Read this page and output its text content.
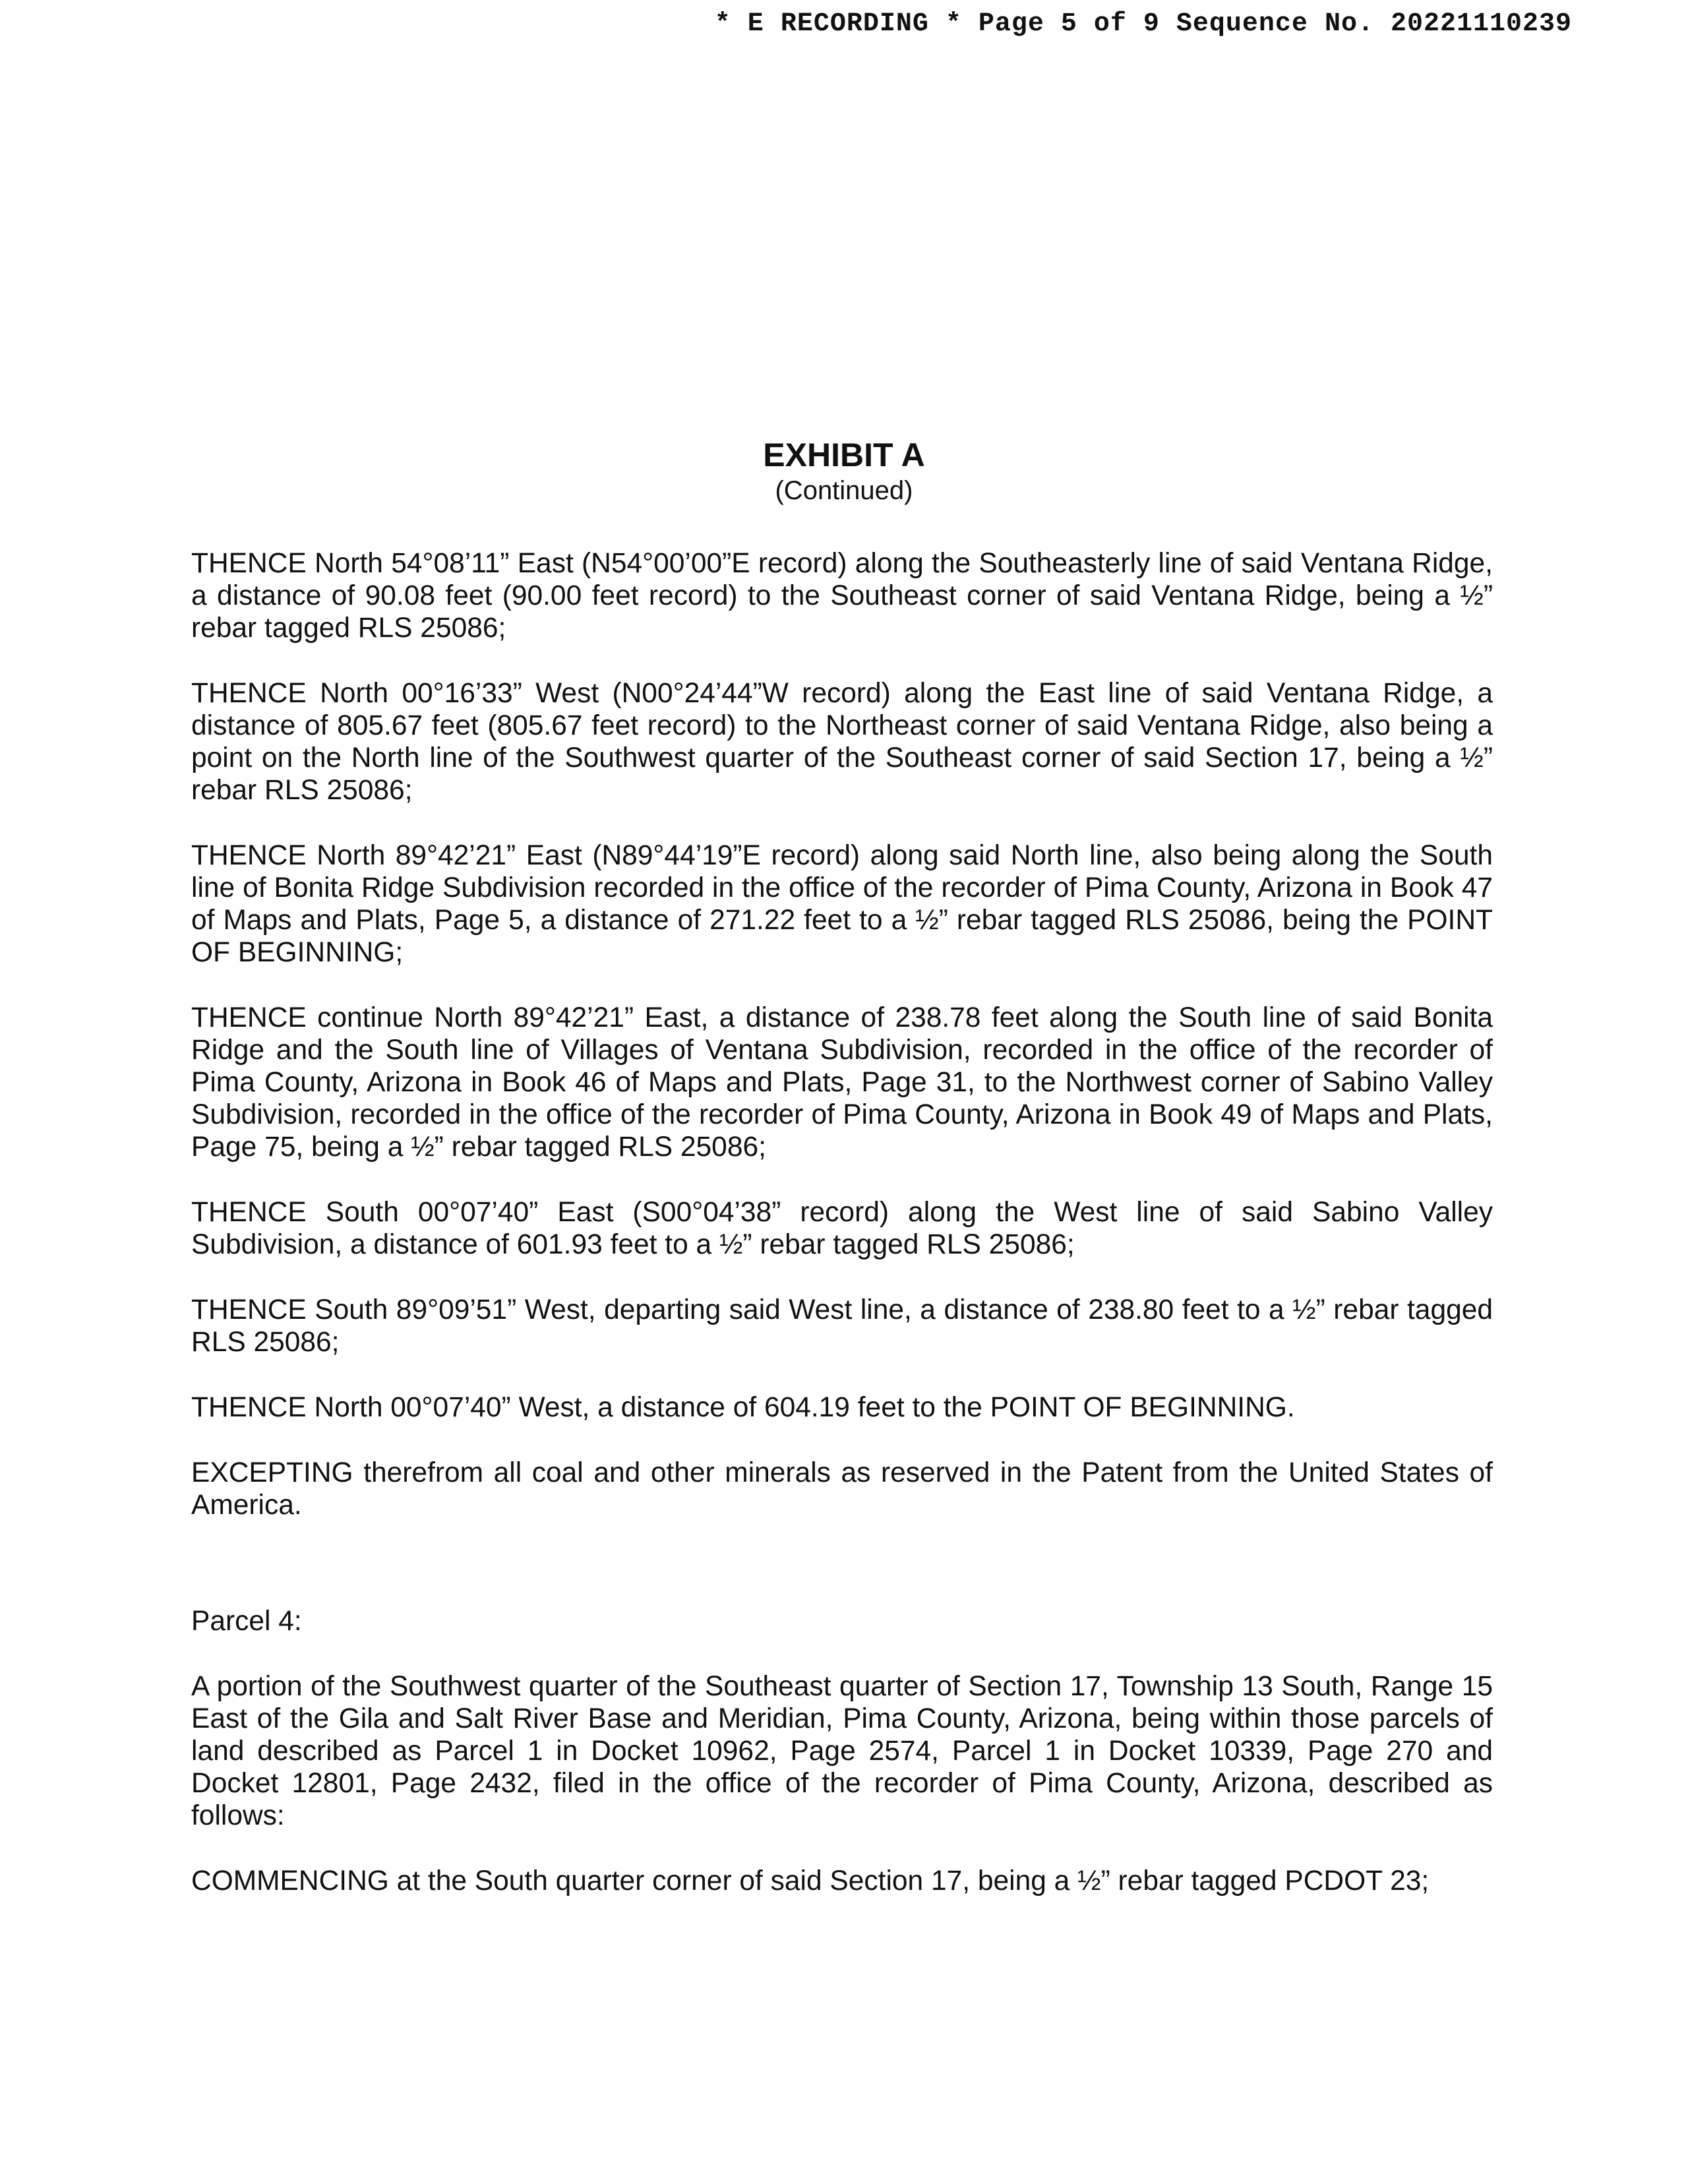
* E RECORDING * Page 5 of 9 Sequence No. 20221110239
EXHIBIT A
(Continued)

THENCE North 54°08’11” East (N54°00’00”E record) along the Southeasterly line of said Ventana Ridge, a distance of 90.08 feet (90.00 feet record) to the Southeast corner of said Ventana Ridge, being a ½” rebar tagged RLS 25086;

THENCE North 00°16’33” West (N00°24’44”W record) along the East line of said Ventana Ridge, a distance of 805.67 feet (805.67 feet record) to the Northeast corner of said Ventana Ridge, also being a point on the North line of the Southwest quarter of the Southeast corner of said Section 17, being a ½” rebar RLS 25086;

THENCE North 89°42’21” East (N89°44’19”E record) along said North line, also being along the South line of Bonita Ridge Subdivision recorded in the office of the recorder of Pima County, Arizona in Book 47 of Maps and Plats, Page 5, a distance of 271.22 feet to a ½” rebar tagged RLS 25086, being the POINT OF BEGINNING;

THENCE continue North 89°42’21” East, a distance of 238.78 feet along the South line of said Bonita Ridge and the South line of Villages of Ventana Subdivision, recorded in the office of the recorder of Pima County, Arizona in Book 46 of Maps and Plats, Page 31, to the Northwest corner of Sabino Valley Subdivision, recorded in the office of the recorder of Pima County, Arizona in Book 49 of Maps and Plats, Page 75, being a ½” rebar tagged RLS 25086;

THENCE South 00°07’40” East (S00°04’38” record) along the West line of said Sabino Valley Subdivision, a distance of 601.93 feet to a ½” rebar tagged RLS 25086;

THENCE South 89°09’51” West, departing said West line, a distance of 238.80 feet to a ½” rebar tagged RLS 25086;

THENCE North 00°07’40” West, a distance of 604.19 feet to the POINT OF BEGINNING.

EXCEPTING therefrom all coal and other minerals as reserved in the Patent from the United States of America.

Parcel 4:

A portion of the Southwest quarter of the Southeast quarter of Section 17, Township 13 South, Range 15 East of the Gila and Salt River Base and Meridian, Pima County, Arizona, being within those parcels of land described as Parcel 1 in Docket 10962, Page 2574, Parcel 1 in Docket 10339, Page 270 and Docket 12801, Page 2432, filed in the office of the recorder of Pima County, Arizona, described as follows:

COMMENCING at the South quarter corner of said Section 17, being a ½” rebar tagged PCDOT 23;
